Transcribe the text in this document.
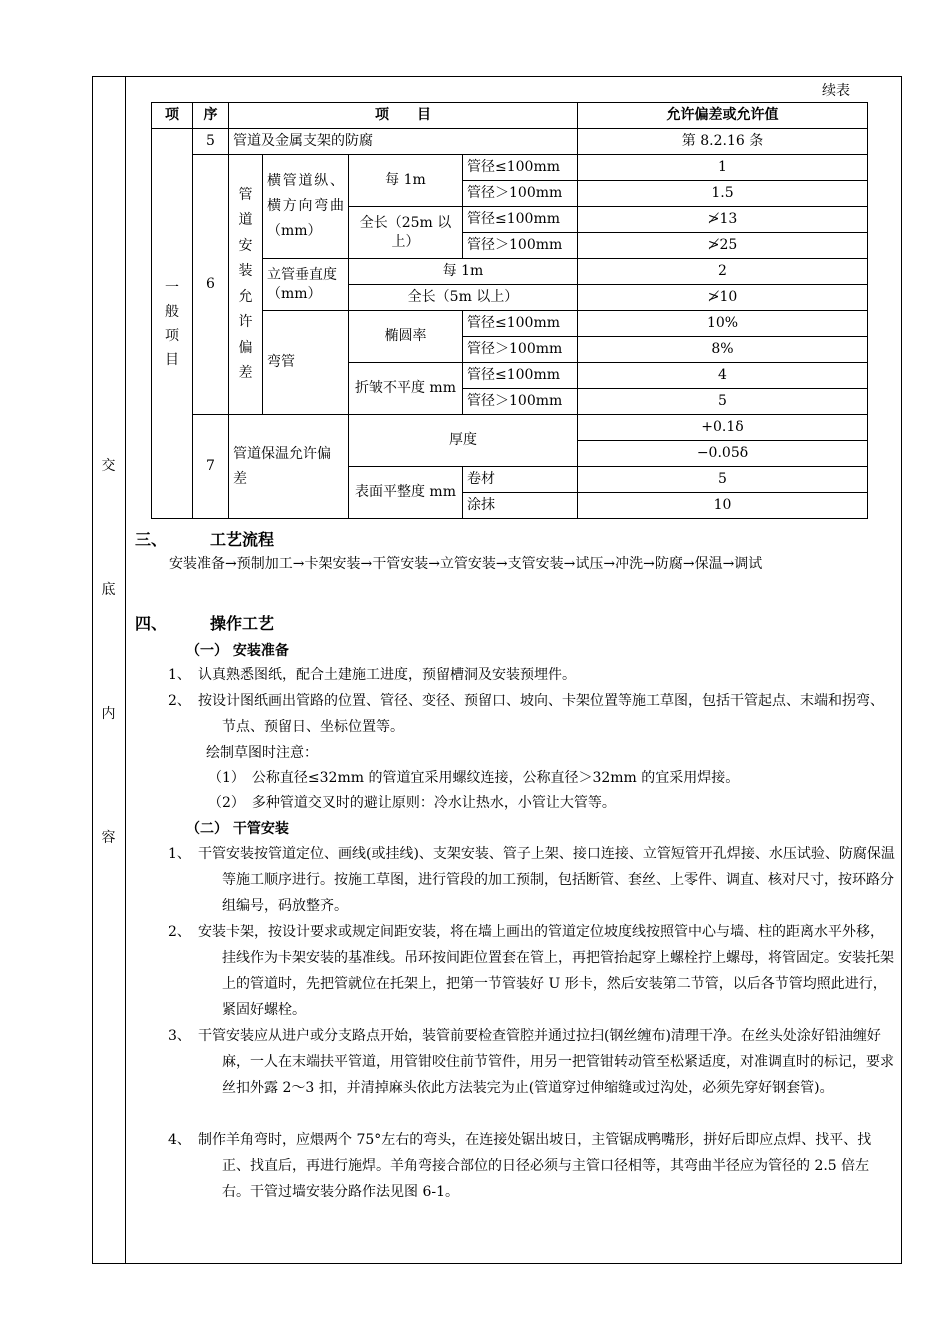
交
底
内
容
续表
项	序	项　　目				允许偏差或允许值
一般项目	5	管道及金属支架的防腐				第 8.2.16 条
	6	管道安装允许偏差	横管道纵、横方向弯曲（mm）	每 1m	管径≤100mm	1
					管径＞100mm	1.5
				全长（25m 以上）	管径≤100mm	≯13
					管径＞100mm	≯25
			立管垂直度（mm）	每 1m		2
				全长（5m 以上）		≯10
			弯管	椭圆率	管径≤100mm	10%
					管径＞100mm	8%
				折皱不平度 mm	管径≤100mm	4
					管径＞100mm	5
	7	管道保温允许偏差		厚度		+0.1δ
						−0.05δ
				表面平整度 mm	卷材	5
					涂抹	10
三、	工艺流程
安装准备→预制加工→卡架安装→干管安装→立管安装→支管安装→试压→冲洗→防腐→保温→调试
四、	操作工艺
（一） 安装准备
1、 认真熟悉图纸，配合土建施工进度，预留槽洞及安装预埋件。
2、 按设计图纸画出管路的位置、管径、变径、预留口、坡向、卡架位置等施工草图，包括干管起点、末端和拐弯、节点、预留日、坐标位置等。
绘制草图时注意：
（1）　公称直径≤32mm 的管道宜采用螺纹连接，公称直径＞32mm 的宜采用焊接。
（2）　多种管道交叉时的避让原则：冷水让热水，小管让大管等。
（二） 干管安装
1、 干管安装按管道定位、画线(或挂线)、支架安装、管子上架、接口连接、立管短管开孔焊接、水压试验、防腐保温等施工顺序进行。按施工草图，进行管段的加工预制，包括断管、套丝、上零件、调直、核对尺寸，按环路分组编号，码放整齐。
2、 安装卡架，按设计要求或规定间距安装，将在墙上画出的管道定位坡度线按照管中心与墙、柱的距离水平外移，挂线作为卡架安装的基准线。吊环按间距位置套在管上，再把管抬起穿上螺栓拧上螺母，将管固定。安装托架上的管道时，先把管就位在托架上，把第一节管装好 U 形卡，然后安装第二节管，以后各节管均照此进行，紧固好螺栓。
3、 干管安装应从进户或分支路点开始，装管前要检查管腔并通过拉扫(钢丝缠布)清理干净。在丝头处涂好铅油缠好麻，一人在末端扶平管道，用管钳咬住前节管件，用另一把管钳转动管至松紧适度，对准调直时的标记，要求丝扣外露 2～3 扣，并清掉麻头依此方法装完为止(管道穿过伸缩缝或过沟处，必须先穿好钢套管)。
4、 制作羊角弯时，应煨两个 75°左右的弯头，在连接处锯出坡日，主管锯成鸭嘴形，拼好后即应点焊、找平、找正、找直后，再进行施焊。羊角弯接合部位的日径必须与主管口径相等，其弯曲半径应为管径的 2.5 倍左右。干管过墙安装分路作法见图 6-1。
